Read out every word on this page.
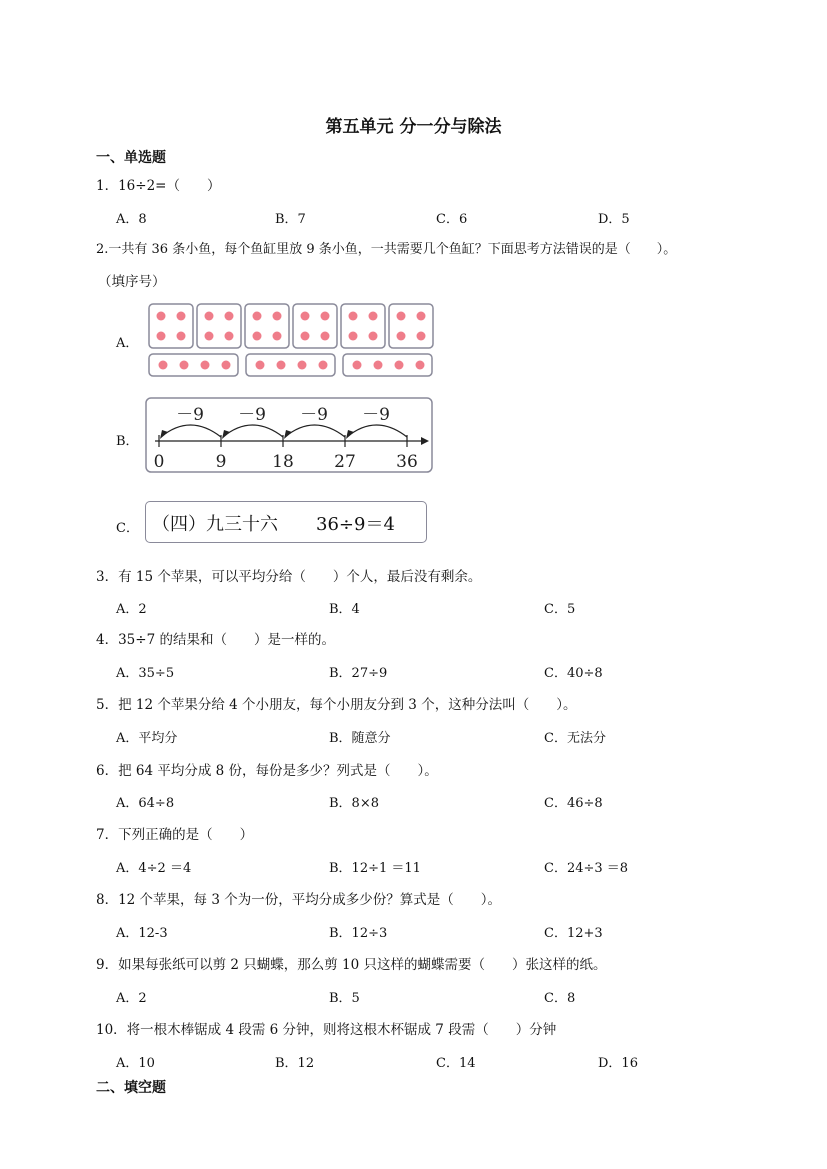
第五单元 分一分与除法
一、单选题
1．16÷2=（　　）
A．8	B．7	C．6	D．5
2.一共有 36 条小鱼，每个鱼缸里放 9 条小鱼，一共需要几个鱼缸？下面思考方法错误的是（　　）。
（填序号）
A．
B．
0	9	18 27 36
－9 －9 －9 －9
C． （四）九三十六 36÷9＝4
3．有 15 个苹果，可以平均分给（　　）个人，最后没有剩余。
A．2	B．4	C．5
4．35÷7 的结果和（　　）是一样的。
A．35÷5	B．27÷9	C．40÷8
5．把 12 个苹果分给 4 个小朋友，每个小朋友分到 3 个，这种分法叫（　　）。
A．平均分	B．随意分	C．无法分
6．把 64 平均分成 8 份，每份是多少？列式是（　　）。
A．64÷8	B．8×8	C．46÷8
7．下列正确的是（　　）
A．4÷2 ＝4	B．12÷1 ＝11	C．24÷3 ＝8
8．12 个苹果，每 3 个为一份，平均分成多少份？算式是（　　）。
A．12-3	B．12÷3	C．12+3
9．如果每张纸可以剪 2 只蝴蝶，那么剪 10 只这样的蝴蝶需要（　　）张这样的纸。
A．2	B．5	C．8
10．将一根木棒锯成 4 段需 6 分钟，则将这根木杯锯成 7 段需（　　）分钟
A．10	B．12	C．14	D．16
二、填空题
